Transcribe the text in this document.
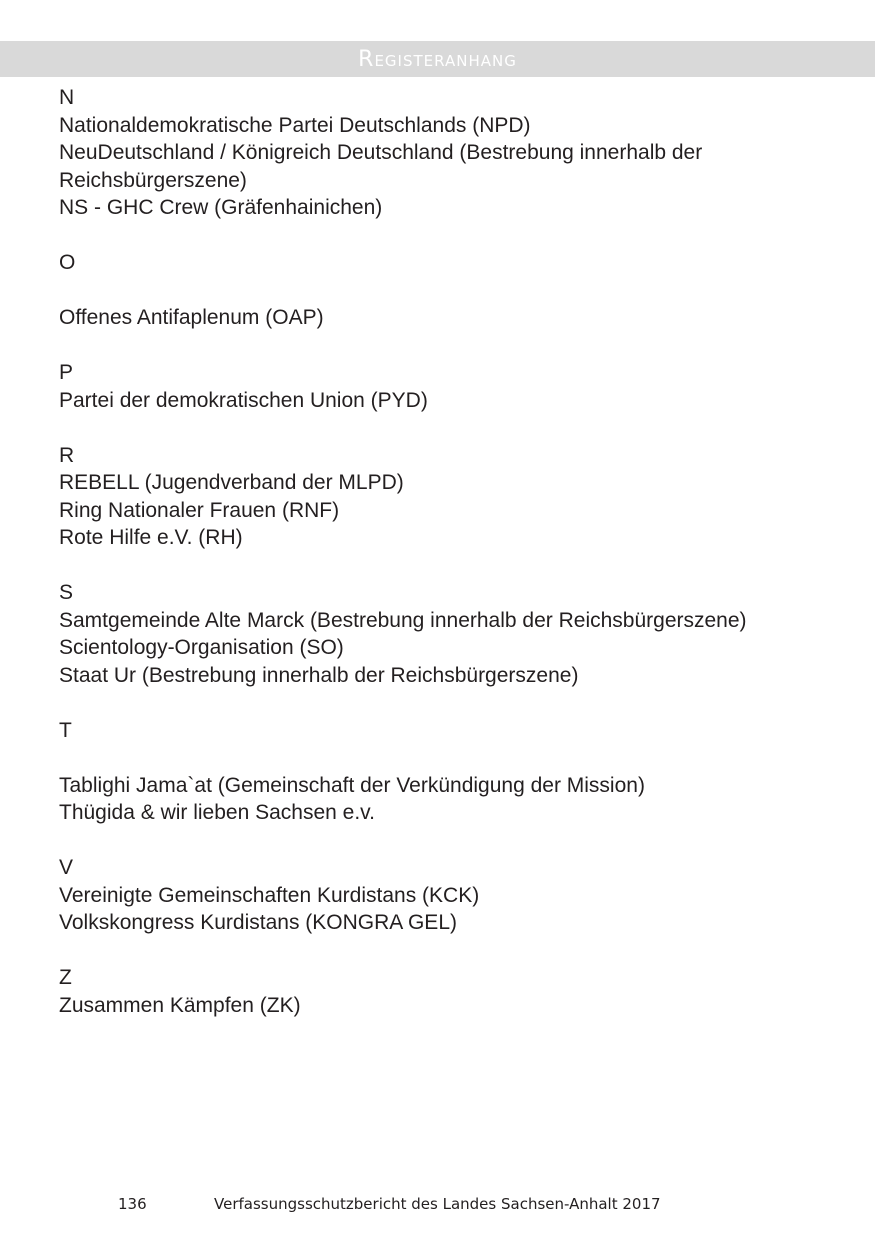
Registeranhang
N
Nationaldemokratische Partei Deutschlands (NPD)
NeuDeutschland / Königreich Deutschland (Bestrebung innerhalb der
Reichsbürgerszene)
NS - GHC Crew (Gräfenhainichen)
O
Offenes Antifaplenum (OAP)
P
Partei der demokratischen Union (PYD)
R
REBELL (Jugendverband der MLPD)
Ring Nationaler Frauen (RNF)
Rote Hilfe e.V. (RH)
S
Samtgemeinde Alte Marck (Bestrebung innerhalb der Reichsbürgerszene)
Scientology-Organisation (SO)
Staat Ur (Bestrebung innerhalb der Reichsbürgerszene)
T
Tablighi Jama`at (Gemeinschaft der Verkündigung der Mission)
Thügida & wir lieben Sachsen e.v.
V
Vereinigte Gemeinschaften Kurdistans (KCK)
Volkskongress Kurdistans (KONGRA GEL)
Z
Zusammen Kämpfen (ZK)
136	Verfassungsschutzbericht des Landes Sachsen-Anhalt 2017
